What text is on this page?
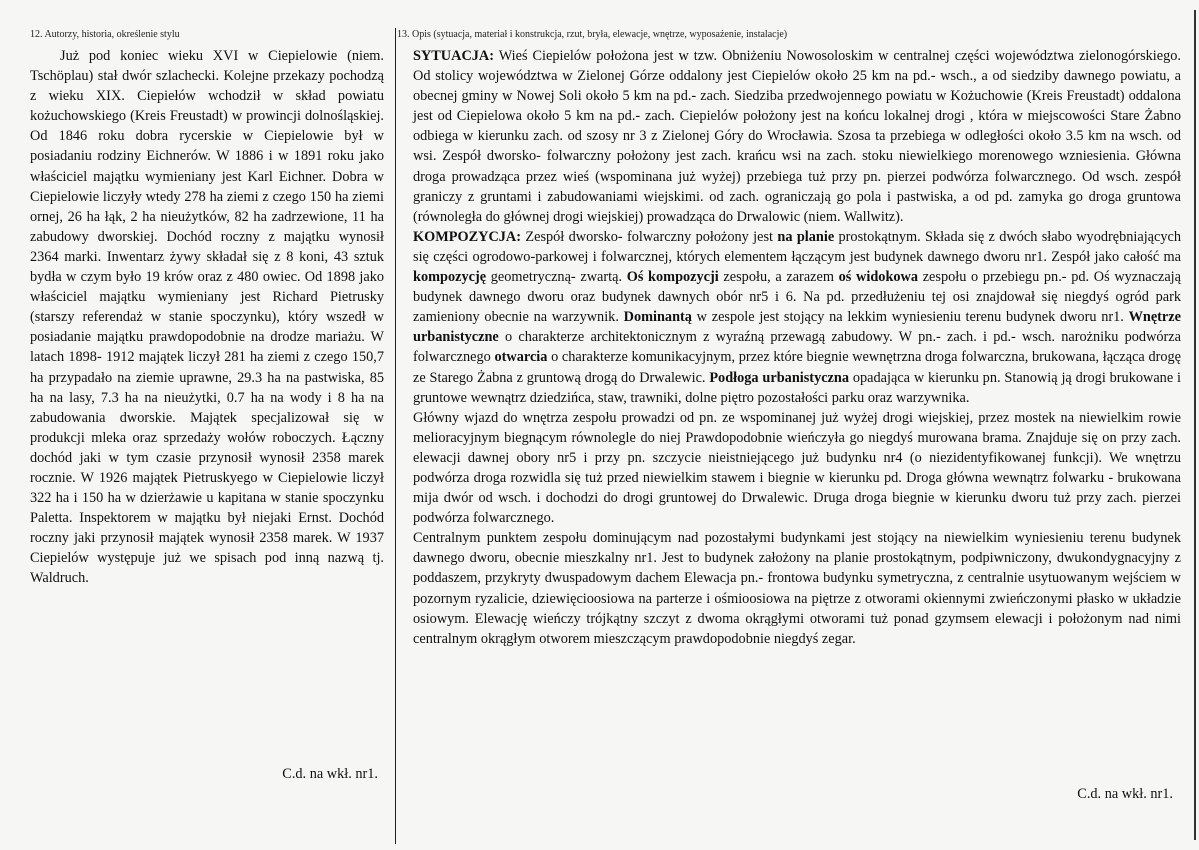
12. Autorzy, historia, określenie stylu	13. Opis (sytuacja, materiał i konstrukcja, rzut, bryła, elewacje, wnętrze, wyposażenie, instalacje)

Już pod koniec wieku XVI w Ciepielowie (niem. Tschöplau) stał dwór szlachecki. Kolejne przekazy pochodzą z wieku XIX. Ciepiełów wchodził w skład powiatu kożuchowskiego (Kreis Freustadt) w prowincji dolnośląskiej. Od 1846 roku dobra rycerskie w Ciepielowie był w posiadaniu rodziny Eichnerów. W 1886 i w 1891 roku jako właściciel majątku wymieniany jest Karl Eichner. Dobra w Ciepielowie liczyły wtedy 278 ha ziemi z czego 150 ha ziemi ornej, 26 ha łąk, 2 ha nieużytków, 82 ha zadrzewione, 11 ha zabudowy dworskiej. Dochód roczny z majątku wynosił 2364 marki. Inwentarz żywy składał się z 8 koni, 43 sztuk bydła w czym było 19 krów oraz z 480 owiec. Od 1898 jako właściciel majątku wymieniany jest Richard Pietrusky (starszy referendaż w stanie spoczynku), który wszedł w posiadanie majątku prawdopodobnie na drodze mariażu. W latach 1898- 1912 majątek liczył 281 ha ziemi z czego 150,7 ha przypadało na ziemie uprawne, 29.3 ha na pastwiska, 85 ha na lasy, 7.3 ha na nieużytki, 0.7 ha na wody i 8 ha na zabudowania dworskie. Majątek specjalizował się w produkcji mleka oraz sprzedaży wołów roboczych. Łączny dochód jaki w tym czasie przynosił wynosił 2358 marek rocznie. W 1926 majątek Pietruskyego w Ciepielowie liczył 322 ha i 150 ha w dzierżawie u kapitana w stanie spoczynku Paletta. Inspektorem w majątku był niejaki Ernst. Dochód roczny jaki przynosił majątek wynosił 2358 marek. W 1937 Ciepielów występuje już we spisach pod inną nazwą tj. Waldruch.

C.d. na wkł. nr1.

SYTUACJA: Wieś Ciepielów położona jest w tzw. Obniżeniu Nowosoloskim w centralnej części województwa zielonogórskiego. Od stolicy województwa w Zielonej Górze oddalony jest Ciepielów około 25 km na pd.- wsch., a od siedziby dawnego powiatu, a obecnej gminy w Nowej Soli około 5 km na pd.- zach. Siedziba przedwojennego powiatu w Kożuchowie (Kreis Freustadt) oddalona jest od Ciepielowa około 5 km na pd.- zach. Ciepielów położony jest na końcu lokalnej drogi , która w miejscowości Stare Żabno odbiega w kierunku zach. od szosy nr 3 z Zielonej Góry do Wrocławia. Szosa ta przebiega w odległości około 3.5 km na wsch. od wsi. Zespół dworsko- folwarczny położony jest zach. krańcu wsi na zach. stoku niewielkiego morenowego wzniesienia. Główna droga prowadząca przez wieś (wspominana już wyżej) przebiega tuż przy pn. pierzei podwórza folwarcznego. Od wsch. zespół graniczy z gruntami i zabudowaniami wiejskimi. od zach. ograniczają go pola i pastwiska, a od pd. zamyka go droga gruntowa (równoległa do głównej drogi wiejskiej) prowadząca do Drwalowic (niem. Wallwitz).

KOMPOZYCJA: Zespół dworsko- folwarczny położony jest na planie prostokątnym. Składa się z dwóch słabo wyodrębniających się części ogrodowo-parkowej i folwarcznej, których elementem łączącym jest budynek dawnego dworu nr1. Zespół jako całość ma kompozycję geometryczną- zwartą. Oś kompozycji zespołu, a zarazem oś widokowa zespołu o przebiegu pn.- pd. Oś wyznaczają budynek dawnego dworu oraz budynek dawnych obór nr5 i 6. Na pd. przedłużeniu tej osi znajdował się niegdyś ogród park zamieniony obecnie na warzywnik. Dominantą w zespole jest stojący na lekkim wyniesieniu terenu budynek dworu nr1. Wnętrze urbanistyczne o charakterze architektonicznym z wyraźną przewagą zabudowy. W pn.- zach. i pd.- wsch. narożniku podwórza folwarcznego otwarcia o charakterze komunikacyjnym, przez które biegnie wewnętrzna droga folwarczna, brukowana, łącząca drogę ze Starego Żabna z gruntową drogą do Drwalewic. Podłoga urbanistyczna opadająca w kierunku pn. Stanowią ją drogi brukowane i gruntowe wewnątrz dziedzińca, staw, trawniki, dolne piętro pozostałości parku oraz warzywnika.

Główny wjazd do wnętrza zespołu prowadzi od pn. ze wspominanej już wyżej drogi wiejskiej, przez mostek na niewielkim rowie melioracyjnym biegnącym równolegle do niej Prawdopodobnie wieńczyła go niegdyś murowana brama. Znajduje się on przy zach. elewacji dawnej obory nr5 i przy pn. szczycie nieistniejącego już budynku nr4 (o niezidentyfikowanej funkcji). We wnętrzu podwórza droga rozwidla się tuż przed niewielkim stawem i biegnie w kierunku pd. Droga główna wewnątrz folwarku - brukowana mija dwór od wsch. i dochodzi do drogi gruntowej do Drwalewic. Druga droga biegnie w kierunku dworu tuż przy zach. pierzei podwórza folwarcznego.

Centralnym punktem zespołu dominującym nad pozostałymi budynkami jest stojący na niewielkim wyniesieniu terenu budynek dawnego dworu, obecnie mieszkalny nr1. Jest to budynek założony na planie prostokątnym, podpiwniczony, dwukondygnacyjny z poddaszem, przykryty dwuspadowym dachem Elewacja pn.- frontowa budynku symetryczna, z centralnie usytuowanym wejściem w pozornym ryzalicie, dziewięcioosiowa na parterze i ośmioosiowa na piętrze z otworami okiennymi zwieńczonymi płasko w układzie osiowym. Elewację wieńczy trójkątny szczyt z dwoma okrągłymi otworami tuż ponad gzymsem elewacji i położonym nad nimi centralnym okrągłym otworem mieszczącym prawdopodobnie niegdyś zegar.

C.d. na wkł. nr1.
